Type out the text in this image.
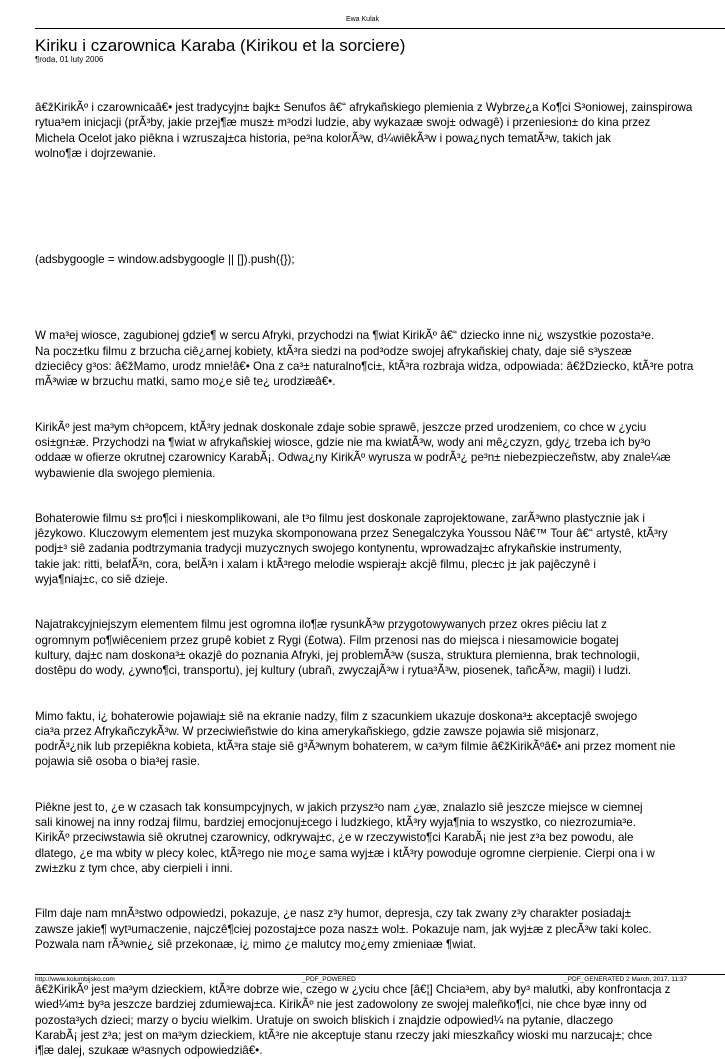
Ewa Kulak
Kiriku i czarownica Karaba (Kirikou et la sorciere)
¶roda, 01 luty 2006
â€žKirikÃº i czarownicaâ€• jest tradycyjn± bajk± Senufos â€“ afrykañskiego plemienia z Wybrze¿a Ko¶ci S³oniowej, zainspirowa
rytua³em inicjacji (prÃ³by, jakie przej¶æ musz± m³odzi ludzie, aby wykazaæ swoj± odwagê) i przeniesion± do kina przez
Michela Ocelot jako piêkna i wzruszaj±ca historia, pe³na kolorÃ³w, d¼wiêkÃ³w i powa¿nych tematÃ³w, takich jak
wolno¶æ i dojrzewanie.
(adsbygoogle = window.adsbygoogle || []).push({});
W ma³ej wiosce, zagubionej gdzie¶ w sercu Afryki, przychodzi na ¶wiat KirikÃº â€“ dziecko inne ni¿ wszystkie pozosta³e.
Na pocz±tku filmu z brzucha ciê¿arnej kobiety, ktÃ³ra siedzi na pod³odze swojej afrykañskiej chaty, daje siê s³yszeæ
dzieciêcy g³os: â€žMamo, urodz mnie!â€• Ona z ca³± naturalno¶ci±, ktÃ³ra rozbraja widza, odpowiada: â€žDziecko, ktÃ³re potra
mÃ³wiæ w brzuchu matki, samo mo¿e siê te¿ urodziæâ€•.
KirikÃº jest ma³ym ch³opcem, ktÃ³ry jednak doskonale zdaje sobie sprawê, jeszcze przed urodzeniem, co chce w ¿yciu
osi±gn±æ. Przychodzi na ¶wiat w afrykañskiej wiosce, gdzie nie ma kwiatÃ³w, wody ani mê¿czyzn, gdy¿ trzeba ich by³o
oddaæ w ofierze okrutnej czarownicy KarabÃ¡. Odwa¿ny KirikÃº wyrusza w podrÃ³¿ pe³n± niebezpieczeñstw, aby znale¼æ
wybawienie dla swojego plemienia.
Bohaterowie filmu s± pro¶ci i nieskomplikowani, ale t³o filmu jest doskonale zaprojektowane, zarÃ³wno plastycznie jak i
jêzykowo. Kluczowym elementem jest muzyka skomponowana przez Senegalczyka Youssou Nâ€™ Tour â€“ artystê, ktÃ³ry
podj±³ siê zadania podtrzymania tradycji muzycznych swojego kontynentu, wprowadzaj±c afrykañskie instrumenty,
takie jak: ritti, belafÃ³n, cora, belÃ³n i xalam i ktÃ³rego melodie wspieraj± akcjê filmu, plec±c j± jak pajêczynê i
wyja¶niaj±c, co siê dzieje.
Najatrakcyjniejszym elementem filmu jest ogromna ilo¶æ rysunkÃ³w przygotowywanych przez okres piêciu lat z
ogromnym po¶wiêceniem przez grupê kobiet z Rygi (£otwa). Film przenosi nas do miejsca i niesamowicie bogatej
kultury, daj±c nam doskona³± okazjê do poznania Afryki, jej problemÃ³w (susza, struktura plemienna, brak technologii,
dostêpu do wody, ¿ywno¶ci, transportu), jej kultury (ubrañ, zwyczajÃ³w i rytua³Ã³w, piosenek, tañcÃ³w, magii) i ludzi.
Mimo faktu, i¿ bohaterowie pojawiaj± siê na ekranie nadzy, film z szacunkiem ukazuje doskona³± akceptacjê swojego
cia³a przez AfrykañczykÃ³w. W przeciwieñstwie do kina amerykañskiego, gdzie zawsze pojawia siê misjonarz,
podrÃ³¿nik lub przepiêkna kobieta, ktÃ³ra staje siê g³Ã³wnym bohaterem, w ca³ym filmie â€žKirikÃºâ€• ani przez moment nie
pojawia siê osoba o bia³ej rasie.
Piêkne jest to, ¿e w czasach tak konsumpcyjnych, w jakich przysz³o nam ¿yæ, znalazlo siê jeszcze miejsce w ciemnej
sali kinowej na inny rodzaj filmu, bardziej emocjonuj±cego i ludzkiego, ktÃ³ry wyja¶nia to wszystko, co niezrozumia³e.
KirikÃº przeciwstawia siê okrutnej czarownicy, odkrywaj±c, ¿e w rzeczywisto¶ci KarabÃ¡ nie jest z³a bez powodu, ale
dlatego, ¿e ma wbity w plecy kolec, ktÃ³rego nie mo¿e sama wyj±æ i ktÃ³ry powoduje ogromne cierpienie. Cierpi ona i w
zwi±zku z tym chce, aby cierpieli i inni.
Film daje nam mnÃ³stwo odpowiedzi, pokazuje, ¿e nasz z³y humor, depresja, czy tak zwany z³y charakter posiadaj±
zawsze jakie¶ wyt³umaczenie, najczê¶ciej pozostaj±ce poza nasz± wol±. Pokazuje nam, jak wyj±æ z plecÃ³w taki kolec.
Pozwala nam rÃ³wnie¿ siê przekonaæ, i¿ mimo ¿e malutcy mo¿emy zmieniaæ ¶wiat.
â€žKirikÃº jest ma³ym dzieckiem, ktÃ³re dobrze wie, czego w ¿yciu chce [â€¦] Chcia³em, aby by³ malutki, aby konfrontacja z
wied¼m± by³a jeszcze bardziej zdumiewaj±ca. KirikÃº nie jest zadowolony ze swojej maleñko¶ci, nie chce byæ inny od
pozosta³ych dzieci; marzy o byciu wielkim. Uratuje on swoich bliskich i znajdzie odpowied¼ na pytanie, dlaczego
KarabÃ¡ jest z³a; jest on ma³ym dzieckiem, ktÃ³re nie akceptuje stanu rzeczy jaki mieszkañcy wioski mu narzucaj±; chce
i¶æ dalej, szukaæ w³asnych odpowiedziâ€•.
http://www.kolumbijsko.com	_PDF_POWERED	_PDF_GENERATED 2 March, 2017, 11:37
